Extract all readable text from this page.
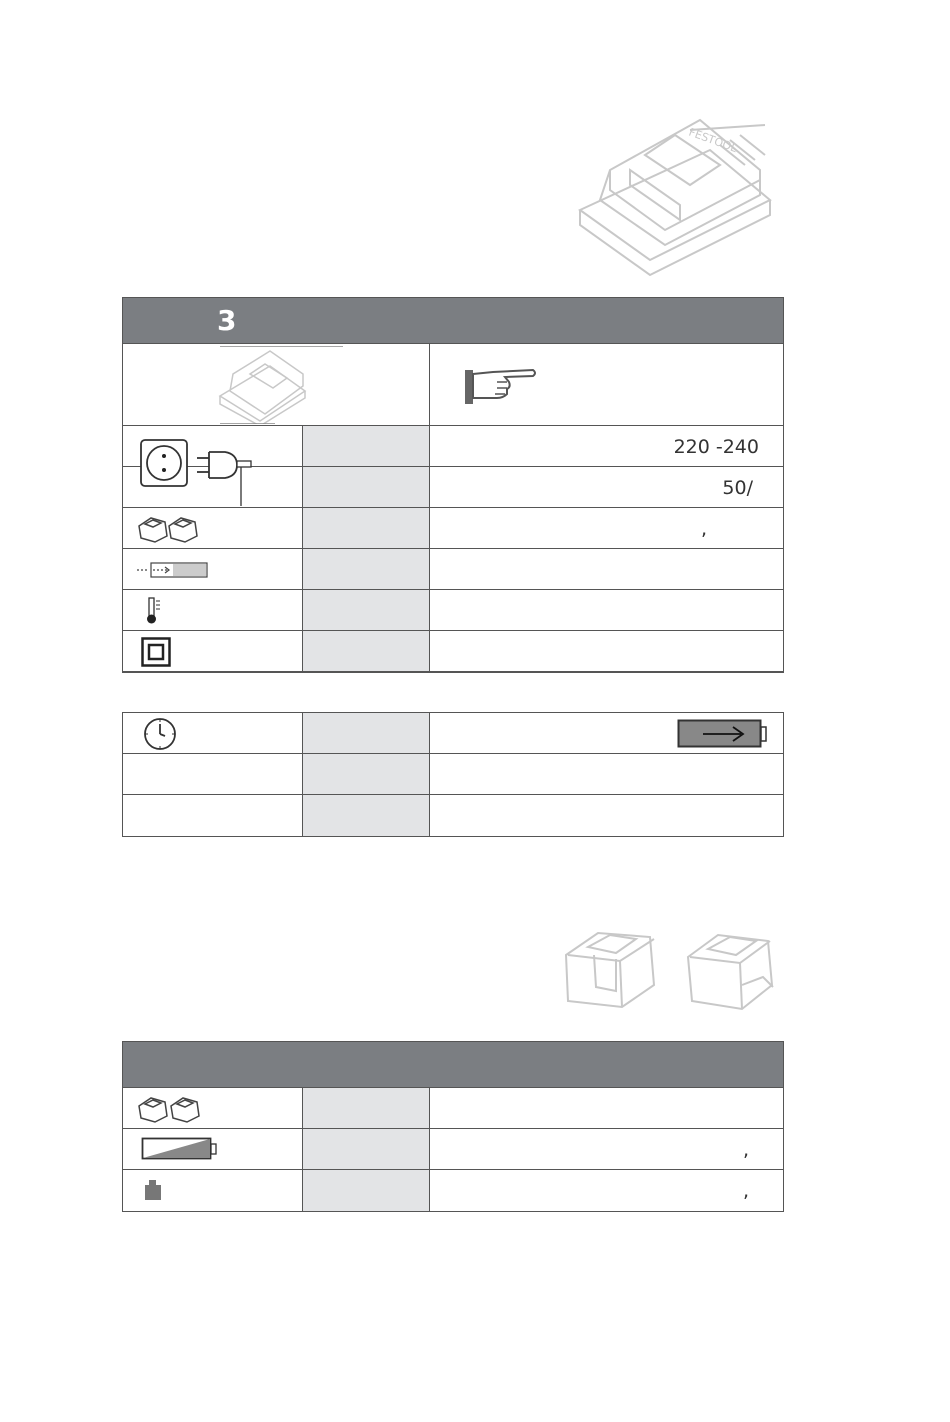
FESTOOL
3
220 -240
50/
,
,
,
